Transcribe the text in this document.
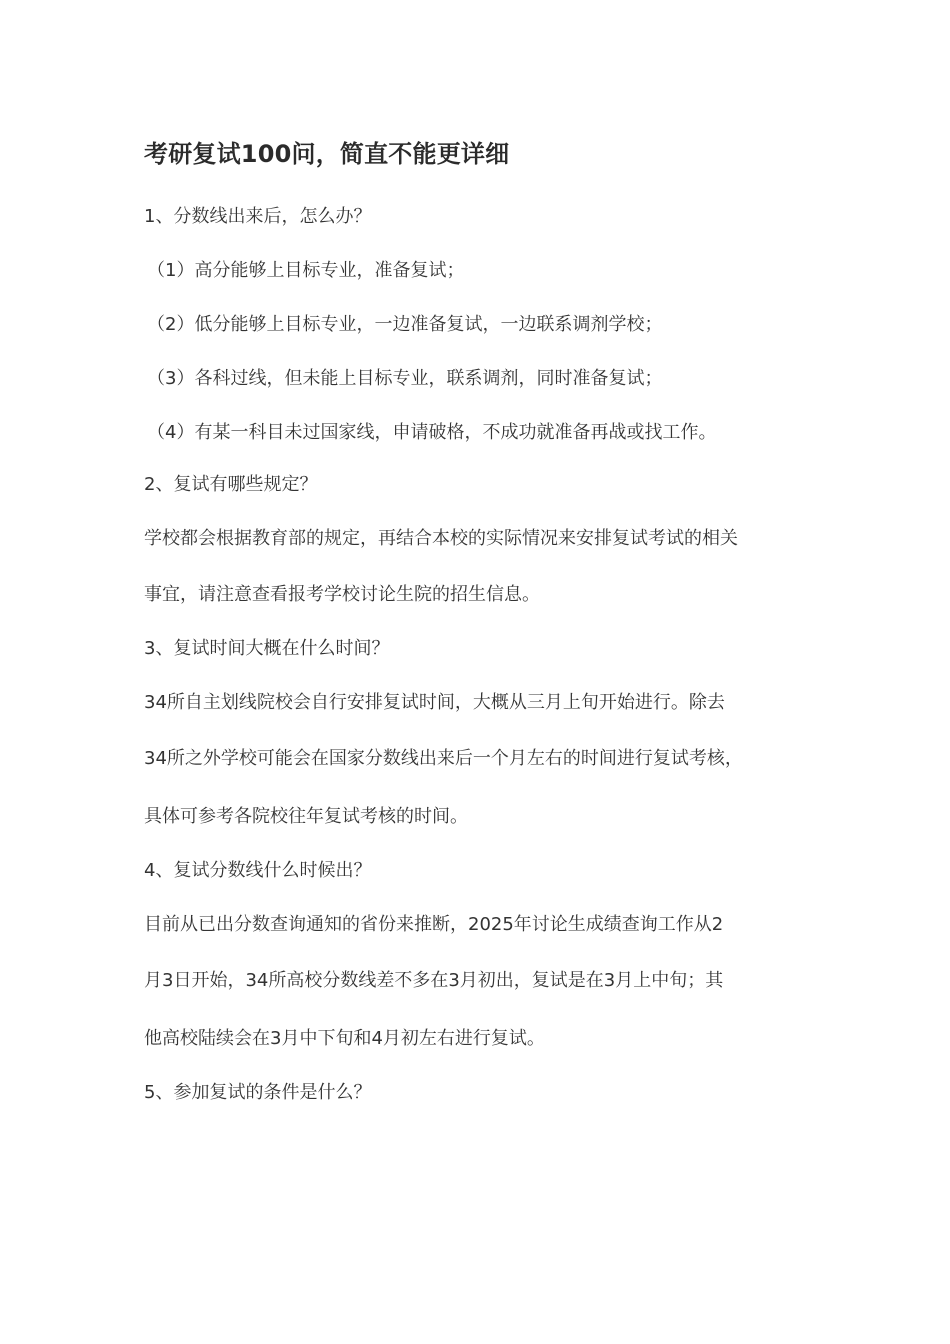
考研复试100问，简直不能更详细
1、分数线出来后，怎么办？
（1）高分能够上目标专业，准备复试；
（2）低分能够上目标专业，一边准备复试，一边联系调剂学校；
（3）各科过线，但未能上目标专业，联系调剂，同时准备复试；
（4）有某一科目未过国家线，申请破格，不成功就准备再战或找工作。
2、复试有哪些规定？
学校都会根据教育部的规定，再结合本校的实际情况来安排复试考试的相关
事宜，请注意查看报考学校讨论生院的招生信息。
3、复试时间大概在什么时间？
34所自主划线院校会自行安排复试时间，大概从三月上旬开始进行。除去
34所之外学校可能会在国家分数线出来后一个月左右的时间进行复试考核，
具体可参考各院校往年复试考核的时间。
4、复试分数线什么时候出？
目前从已出分数查询通知的省份来推断，2025年讨论生成绩查询工作从2
月3日开始，34所高校分数线差不多在3月初出，复试是在3月上中旬；其
他高校陆续会在3月中下旬和4月初左右进行复试。
5、参加复试的条件是什么？
